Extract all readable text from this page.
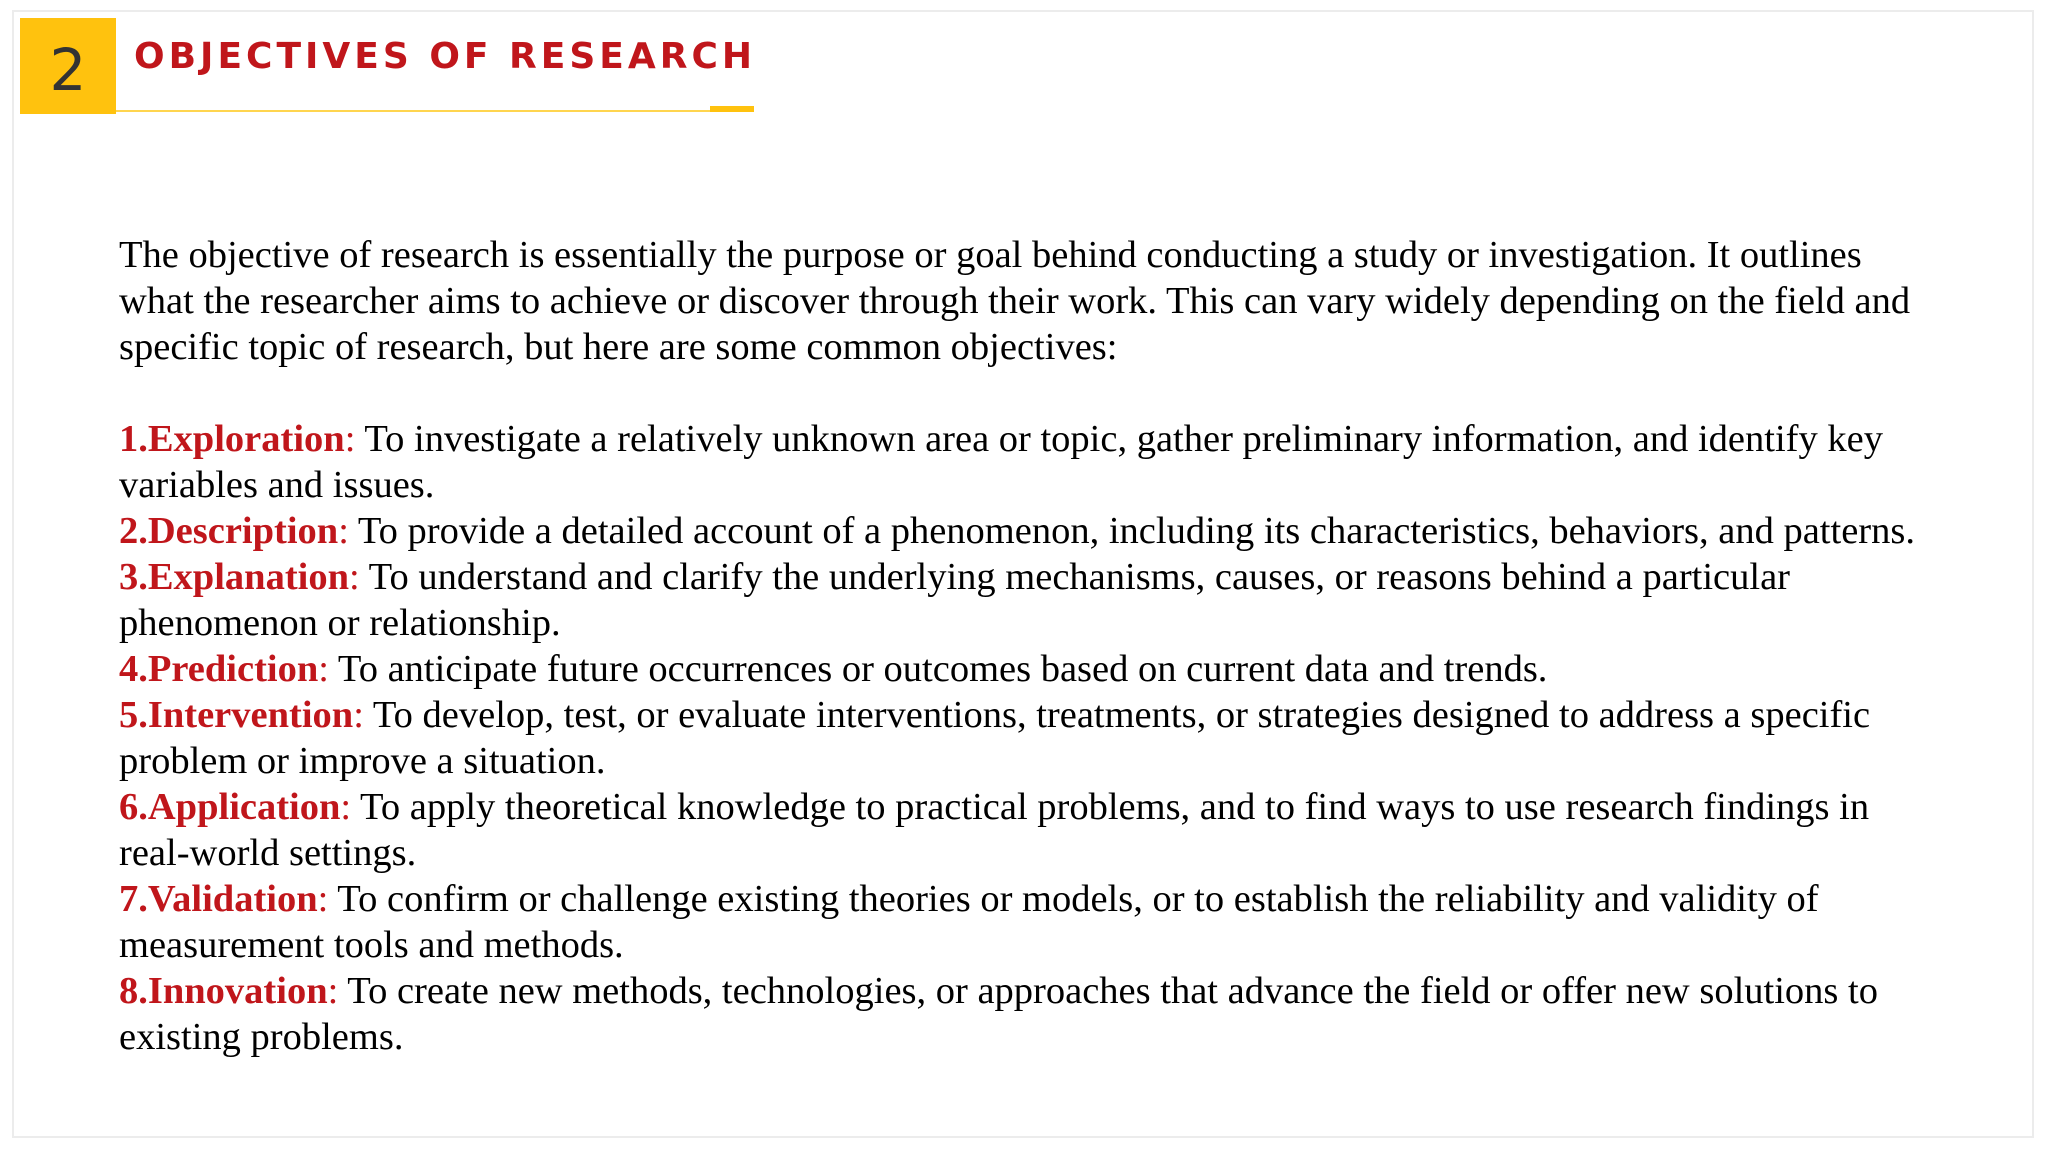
2	OBJECTIVES OF RESEARCH

The objective of research is essentially the purpose or goal behind conducting a study or investigation. It outlines what the researcher aims to achieve or discover through their work. This can vary widely depending on the field and specific topic of research, but here are some common objectives:

1.Exploration: To investigate a relatively unknown area or topic, gather preliminary information, and identify key variables and issues.

2.Description: To provide a detailed account of a phenomenon, including its characteristics, behaviors, and patterns.

3.Explanation: To understand and clarify the underlying mechanisms, causes, or reasons behind a particular phenomenon or relationship.

4.Prediction: To anticipate future occurrences or outcomes based on current data and trends.

5.Intervention: To develop, test, or evaluate interventions, treatments, or strategies designed to address a specific problem or improve a situation.

6.Application: To apply theoretical knowledge to practical problems, and to find ways to use research findings in real-world settings.

7.Validation: To confirm or challenge existing theories or models, or to establish the reliability and validity of measurement tools and methods.

8.Innovation: To create new methods, technologies, or approaches that advance the field or offer new solutions to existing problems.
